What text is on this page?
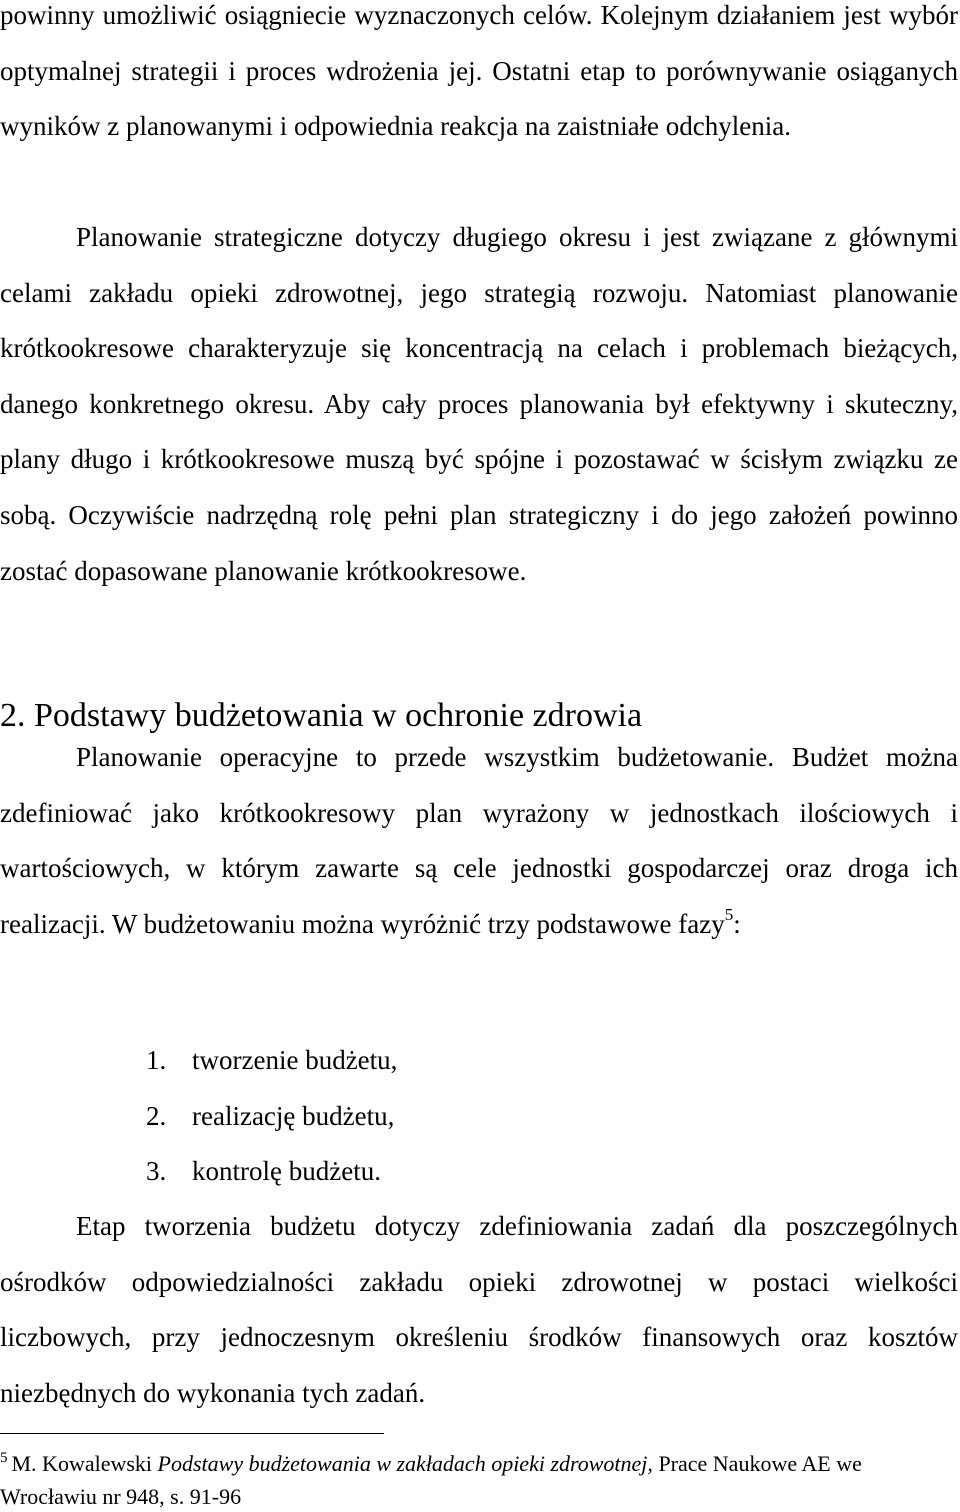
powinny umożliwić osiągniecie wyznaczonych celów. Kolejnym działaniem jest wybór optymalnej strategii i proces wdrożenia jej. Ostatni etap to porównywanie osiąganych wyników z planowanymi i odpowiednia reakcja na zaistniałe odchylenia.

Planowanie strategiczne dotyczy długiego okresu i jest związane z głównymi celami zakładu opieki zdrowotnej, jego strategią rozwoju. Natomiast planowanie krótkookresowe charakteryzuje się koncentracją na celach i problemach bieżących, danego konkretnego okresu. Aby cały proces planowania był efektywny i skuteczny, plany długo i krótkookresowe muszą być spójne i pozostawać w ścisłym związku ze sobą. Oczywiście nadrzędną rolę pełni plan strategiczny i do jego założeń powinno zostać dopasowane planowanie krótkookresowe.

2. Podstawy budżetowania w ochronie zdrowia

Planowanie operacyjne to przede wszystkim budżetowanie. Budżet można zdefiniować jako krótkookresowy plan wyrażony w jednostkach ilościowych i wartościowych, w którym zawarte są cele jednostki gospodarczej oraz droga ich realizacji. W budżetowaniu można wyróżnić trzy podstawowe fazy$^5$:

1. tworzenie budżetu,
2. realizację budżetu,
3. kontrolę budżetu.

Etap tworzenia budżetu dotyczy zdefiniowania zadań dla poszczególnych ośrodków odpowiedzialności zakładu opieki zdrowotnej w postaci wielkości liczbowych, przy jednoczesnym określeniu środków finansowych oraz kosztów niezbędnych do wykonania tych zadań.

$^5$ M. Kowalewski Podstawy budżetowania w zakładach opieki zdrowotnej, Prace Naukowe AE we Wrocławiu nr 948, s. 91-96
